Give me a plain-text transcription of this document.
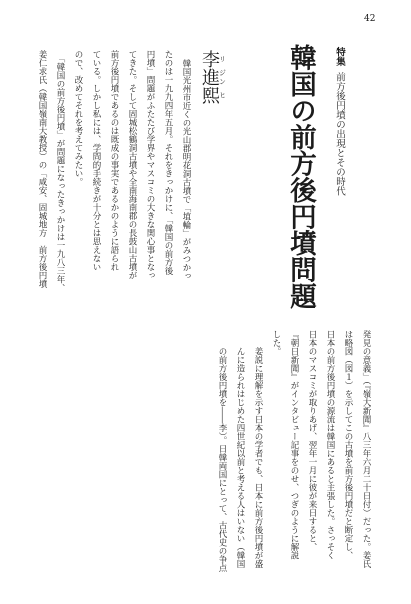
42
特集前方後円墳の出現とその時代
韓国の前方後円墳問題
李リ進ジン熙ヒ
韓国光州市近くの光山郡明花洞古墳で「埴輪」がみつかっ
たのは一九九四年五月。それをきっかけに、「韓国の前方後
円墳」問題がふたたび学界やマスコミの大きな関心事となっ
てきた。そして固城松鶴洞古墳や全南海南郡の長鼓山古墳が
前方後円墳であるのは既成の事実であるかのように語られ
ている。しかし私には、学問的手続きが十分とは思えない
ので、改めてそれを考えてみたい。
「韓国の前方後円墳」が問題になったきっかけは一九八三年、
姜仁求氏（韓国嶺南大教授）の「咸安、固城地方　前方後円墳
発見の意義」（『嶺大新聞』八三年六月二十日付）だった。姜氏
は略図（図１）を示してこの古墳を前方後円墳だと断定し、
日本の前方後円墳の源流は韓国にあると主張した。さっそく
日本のマスコミが取りあげ、翌年一月に彼が来日すると、
『朝日新聞』がインタビュー記事をのせ、つぎのように解説
した。
姜説に理解を示す日本の学者でも、日本に前方後円墳が盛
んに造られはじめた四世紀以前と考える人はいない（韓国
の前方後円墳を――李）。日韓両国にとって、古代史の争点
